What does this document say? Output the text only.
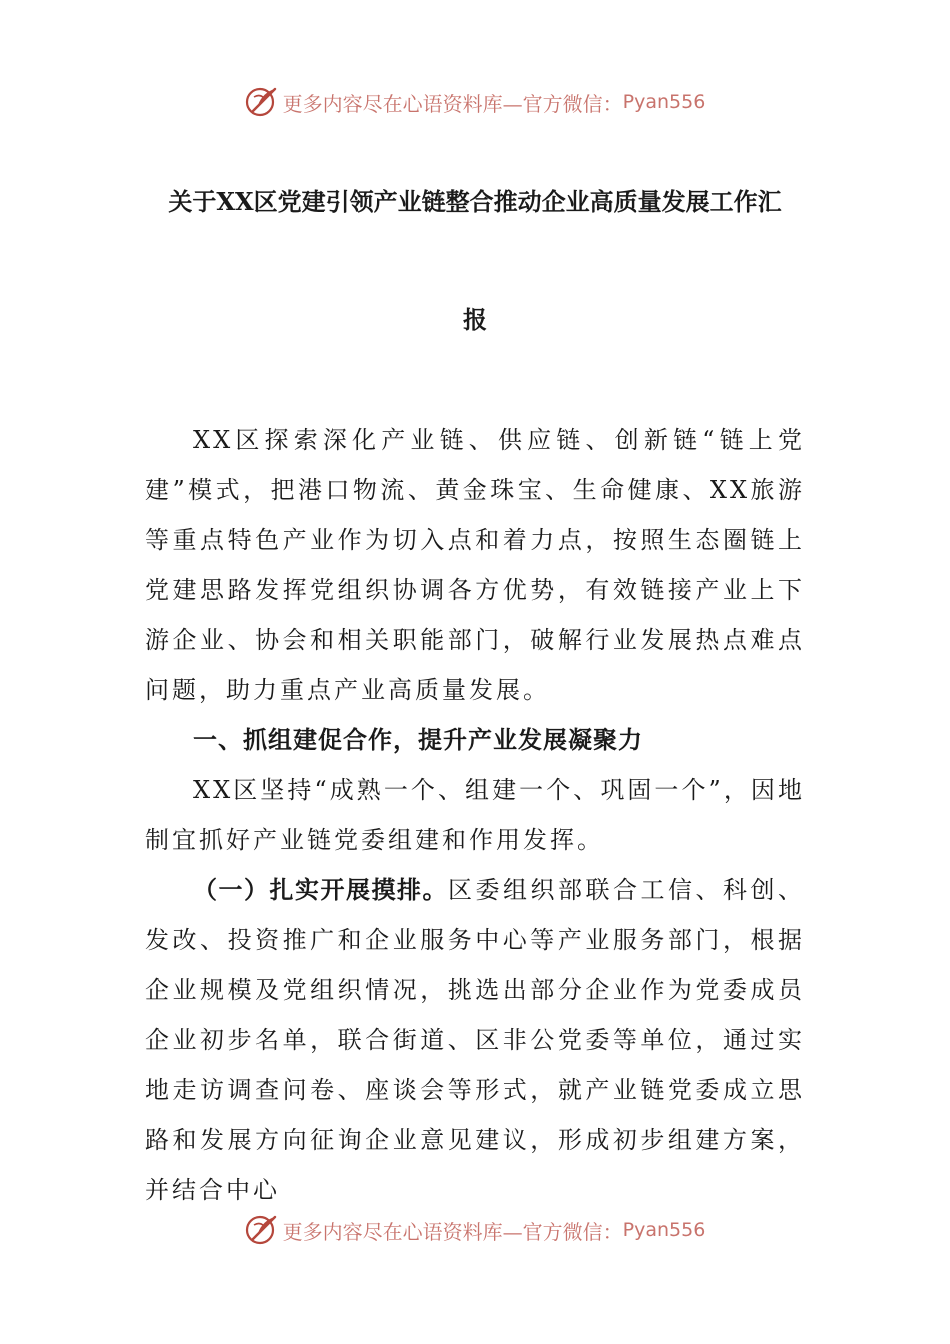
更多内容尽在心语资料库—官方微信： Pyan556
关于XX区党建引领产业链整合推动企业高质量发展工作汇
报

XX区探索深化产业链、供应链、创新链“链上党建”模式，把港口物流、黄金珠宝、生命健康、XX旅游等重点特色产业作为切入点和着力点，按照生态圈链上党建思路发挥党组织协调各方优势，有效链接产业上下游企业、协会和相关职能部门，破解行业发展热点难点问题，助力重点产业高质量发展。

一、抓组建促合作，提升产业发展凝聚力

XX区坚持“成熟一个、组建一个、巩固一个”，因地制宜抓好产业链党委组建和作用发挥。

（一）扎实开展摸排。区委组织部联合工信、科创、发改、投资推广和企业服务中心等产业服务部门，根据企业规模及党组织情况，挑选出部分企业作为党委成员企业初步名单，联合街道、区非公党委等单位，通过实地走访调查问卷、座谈会等形式，就产业链党委成立思路和发展方向征询企业意见建议，形成初步组建方案，并结合中心

更多内容尽在心语资料库—官方微信： Pyan556
